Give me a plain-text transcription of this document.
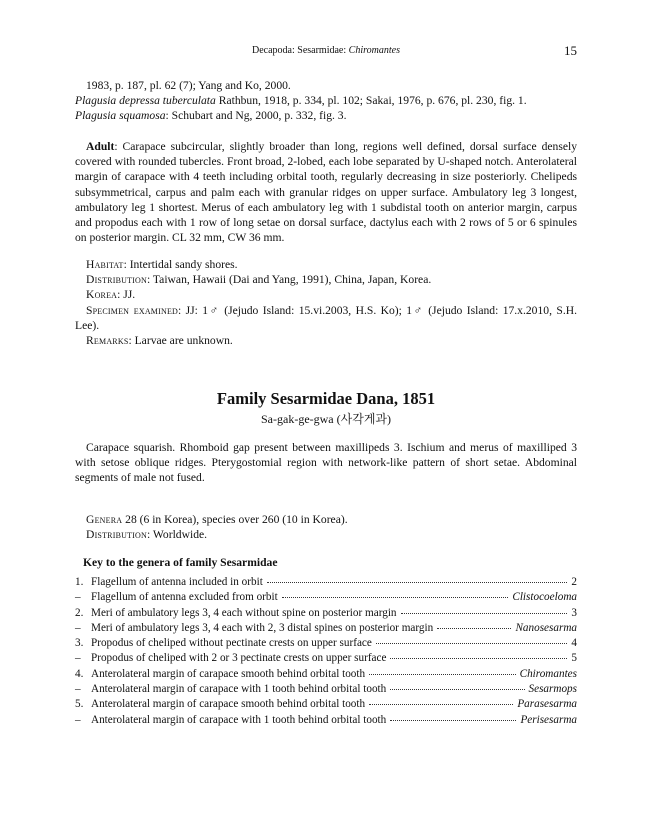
Decapoda: Sesarmidae: Chiromantes	15

1983, p. 187, pl. 62 (7); Yang and Ko, 2000.

Plagusia depressa tuberculata Rathbun, 1918, p. 334, pl. 102; Sakai, 1976, p. 676, pl. 230, fig. 1.

Plagusia squamosa: Schubart and Ng, 2000, p. 332, fig. 3.

Adult: Carapace subcircular, slightly broader than long, regions well defined, dorsal surface densely covered with rounded tubercles. Front broad, 2-lobed, each lobe separated by U-shaped notch. Anterolateral margin of carapace with 4 teeth including orbital tooth, regularly decreasing in size posteriorly. Chelipeds subsymmetrical, carpus and palm each with granular ridges on upper surface. Ambulatory leg 3 longest, ambulatory leg 1 shortest. Merus of each ambulatory leg with 1 subdistal tooth on anterior margin, carpus and propodus each with 1 row of long setae on dorsal surface, dactylus each with 2 rows of 5 or 6 spinules on posterior margin. CL 32 mm, CW 36 mm.

Habitat: Intertidal sandy shores.

Distribution: Taiwan, Hawaii (Dai and Yang, 1991), China, Japan, Korea.

Korea: JJ.

Specimen examined: JJ: 1♂ (Jejudo Island: 15.vi.2003, H.S. Ko); 1♂ (Jejudo Island: 17.x.2010, S.H. Lee).

Remarks: Larvae are unknown.

Family Sesarmidae Dana, 1851
Sa-gak-ge-gwa (사각게과)

Carapace squarish. Rhomboid gap present between maxillipeds 3. Ischium and merus of maxilliped 3 with setose oblique ridges. Pterygostomial region with network-like pattern of short setae. Abdominal segments of male not fused.

Genera 28 (6 in Korea), species over 260 (10 in Korea).

Distribution: Worldwide.

Key to the genera of family Sesarmidae
1. Flagellum of antenna included in orbit	2
– Flagellum of antenna excluded from orbit	Clistocoeloma
2. Meri of ambulatory legs 3, 4 each without spine on posterior margin	3
– Meri of ambulatory legs 3, 4 each with 2, 3 distal spines on posterior margin	Nanosesarma
3. Propodus of cheliped without pectinate crests on upper surface	4
– Propodus of cheliped with 2 or 3 pectinate crests on upper surface	5
4. Anterolateral margin of carapace smooth behind orbital tooth	Chiromantes
– Anterolateral margin of carapace with 1 tooth behind orbital tooth	Sesarmops
5. Anterolateral margin of carapace smooth behind orbital tooth	Parasesarma
– Anterolateral margin of carapace with 1 tooth behind orbital tooth	Perisesarma
